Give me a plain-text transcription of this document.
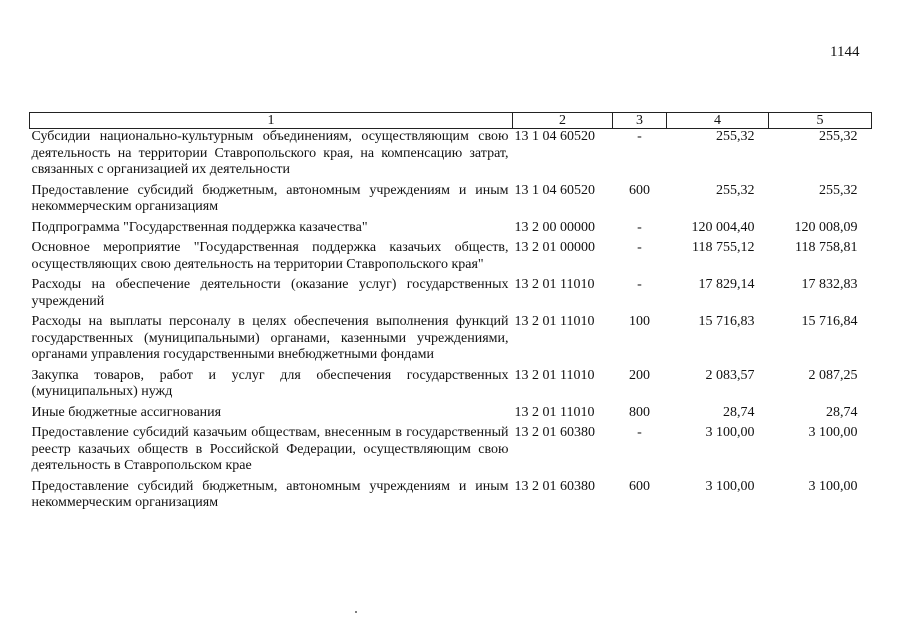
1144
1	2	3	4	5
Субсидии национально-культурным объединениям, осуществляющим свою деятельность на территории Ставропольского края, на компенсацию затрат, связанных с организацией их деятельности	13 1 04 60520	-	255,32	255,32
Предоставление субсидий бюджетным, автономным учреждениям и иным некоммерческим организациям	13 1 04 60520	600	255,32	255,32
Подпрограмма "Государственная поддержка казачества"	13 2 00 00000	-	120 004,40	120 008,09
Основное мероприятие "Государственная поддержка казачьих обществ, осуществляющих свою деятельность на территории Ставропольского края"	13 2 01 00000	-	118 755,12	118 758,81
Расходы на обеспечение деятельности (оказание услуг) государственных учреждений	13 2 01 11010	-	17 829,14	17 832,83
Расходы на выплаты персоналу в целях обеспечения выполнения функций государственных (муниципальными) органами, казенными учреждениями, органами управления государственными внебюджетными фондами	13 2 01 11010	100	15 716,83	15 716,84
Закупка товаров, работ и услуг для обеспечения государственных (муниципальных) нужд	13 2 01 11010	200	2 083,57	2 087,25
Иные бюджетные ассигнования	13 2 01 11010	800	28,74	28,74
Предоставление субсидий казачьим обществам, внесенным в государственный реестр казачьих обществ в Российской Федерации, осуществляющим свою деятельность в Ставропольском крае	13 2 01 60380	-	3 100,00	3 100,00
Предоставление субсидий бюджетным, автономным учреждениям и иным некоммерческим организациям	13 2 01 60380	600	3 100,00	3 100,00
